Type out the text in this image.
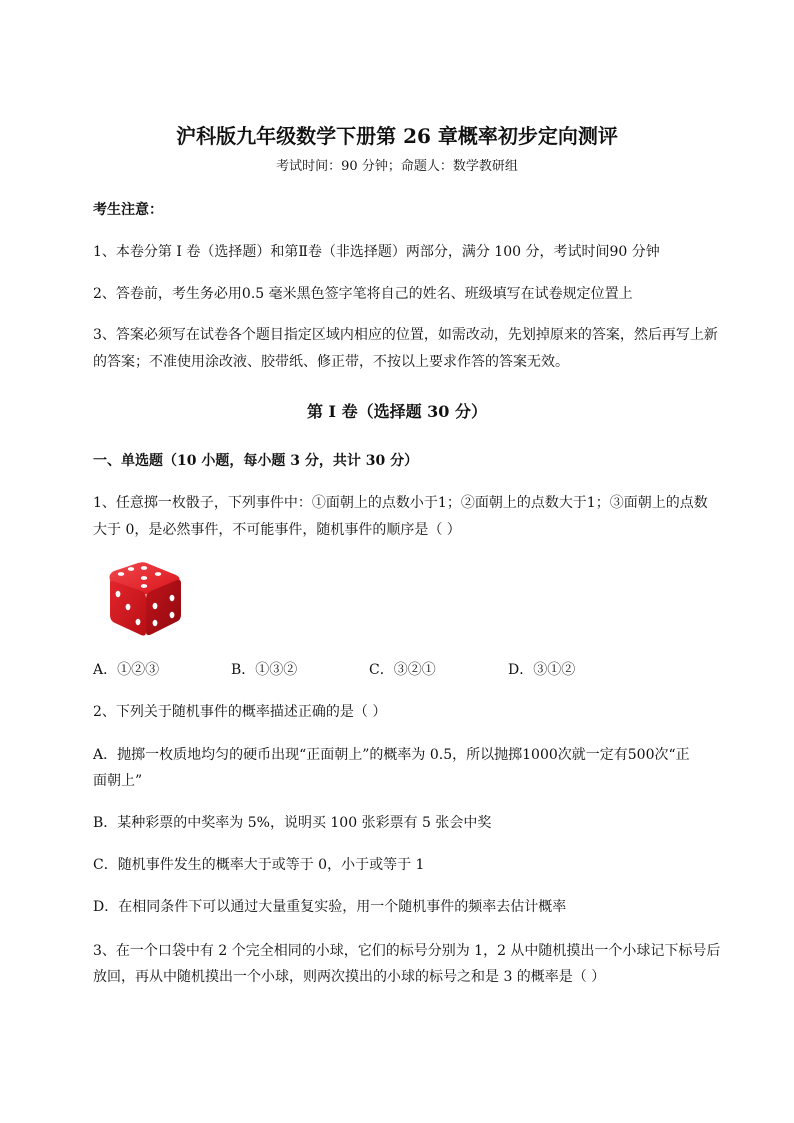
沪科版九年级数学下册第 26 章概率初步定向测评
考试时间：90 分钟；命题人：数学教研组
考生注意：
1、本卷分第 I 卷（选择题）和第Ⅱ卷（非选择题）两部分，满分 100 分，考试时间90 分钟
2、答卷前，考生务必用0.5 毫米黑色签字笔将自己的姓名、班级填写在试卷规定位置上
3、答案必须写在试卷各个题目指定区域内相应的位置，如需改动，先划掉原来的答案，然后再写上新
的答案；不准使用涂改液、胶带纸、修正带，不按以上要求作答的答案无效。
第 I 卷（选择题 30 分）
一、单选题（10 小题，每小题 3 分，共计 30 分）
1、任意掷一枚骰子，下列事件中：①面朝上的点数小于1；②面朝上的点数大于1；③面朝上的点数
大于 0，是必然事件，不可能事件，随机事件的顺序是（ ）
A．①②③	B．①③②	C．③②①	D．③①②
2、下列关于随机事件的概率描述正确的是（ ）
A．抛掷一枚质地均匀的硬币出现“正面朝上”的概率为 0.5，所以抛掷1000次就一定有500次“正
面朝上”
B．某种彩票的中奖率为 5%，说明买 100 张彩票有 5 张会中奖
C．随机事件发生的概率大于或等于 0，小于或等于 1
D．在相同条件下可以通过大量重复实验，用一个随机事件的频率去估计概率
3、在一个口袋中有 2 个完全相同的小球，它们的标号分别为 1，2 从中随机摸出一个小球记下标号后
放回，再从中随机摸出一个小球，则两次摸出的小球的标号之和是 3 的概率是（ ）
